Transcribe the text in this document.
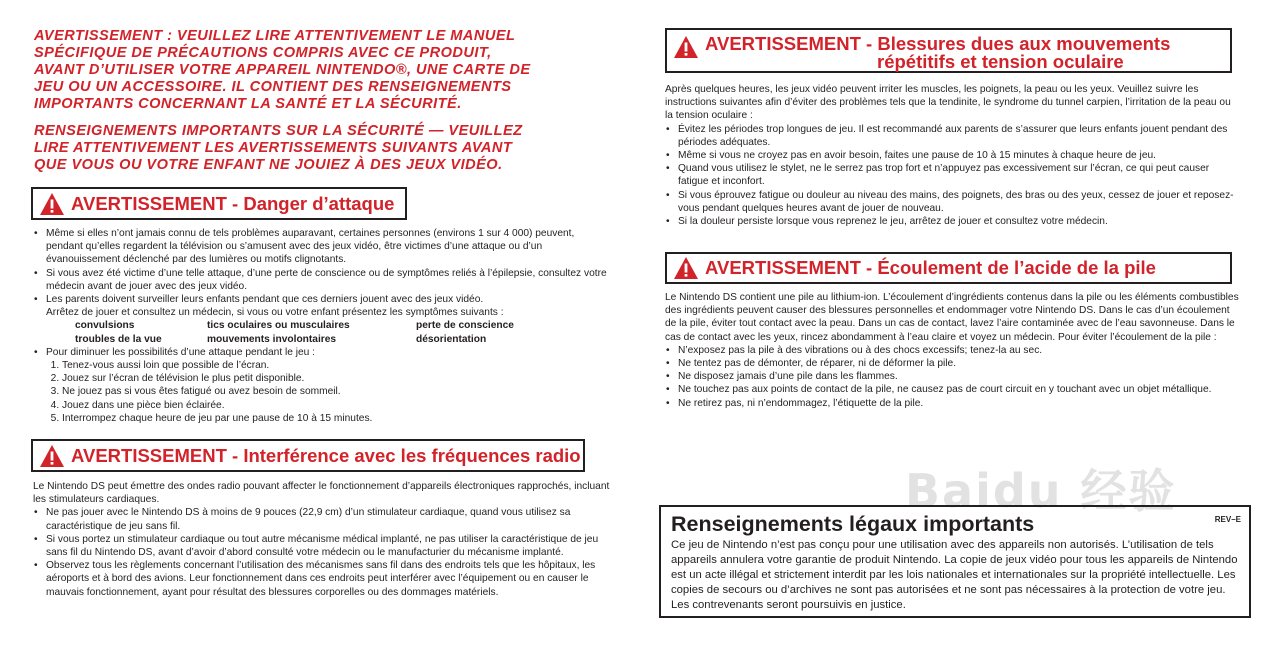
AVERTISSEMENT : VEUILLEZ LIRE ATTENTIVEMENT LE MANUEL
SPÉCIFIQUE DE PRÉCAUTIONS COMPRIS AVEC CE PRODUIT,
AVANT D’UTILISER VOTRE APPAREIL NINTENDO®, UNE CARTE DE
JEU OU UN ACCESSOIRE. IL CONTIENT DES RENSEIGNEMENTS
IMPORTANTS CONCERNANT LA SANTÉ ET LA SÉCURITÉ.

RENSEIGNEMENTS IMPORTANTS SUR LA SÉCURITÉ — VEUILLEZ
LIRE ATTENTIVEMENT LES AVERTISSEMENTS SUIVANTS AVANT
QUE VOUS OU VOTRE ENFANT NE JOUIEZ À DES JEUX VIDÉO.

AVERTISSEMENT - Danger d’attaque
• Même si elles n’ont jamais connu de tels problèmes auparavant, certaines personnes (environs 1 sur 4 000) peuvent, pendant qu’elles regardent la télévision ou s’amusent avec des jeux vidéo, être victimes d’une attaque ou d’un évanouissement déclenché par des lumières ou motifs clignotants.
• Si vous avez été victime d’une telle attaque, d’une perte de conscience ou de symptômes reliés à l’épilepsie, consultez votre médecin avant de jouer avec des jeux vidéo.
• Les parents doivent surveiller leurs enfants pendant que ces derniers jouent avec des jeux vidéo.
Arrêtez de jouer et consultez un médecin, si vous ou votre enfant présentez les symptômes suivants :
convulsions	tics oculaires ou musculaires	perte de conscience
troubles de la vue	mouvements involontaires	désorientation
• Pour diminuer les possibilités d’une attaque pendant le jeu :
1. Tenez-vous aussi loin que possible de l’écran.
2. Jouez sur l’écran de télévision le plus petit disponible.
3. Ne jouez pas si vous êtes fatigué ou avez besoin de sommeil.
4. Jouez dans une pièce bien éclairée.
5. Interrompez chaque heure de jeu par une pause de 10 à 15 minutes.
AVERTISSEMENT - Interférence avec les fréquences radio

Le Nintendo DS peut émettre des ondes radio pouvant affecter le fonctionnement d’appareils électroniques rapprochés, incluant les stimulateurs cardiaques.

• Ne pas jouer avec le Nintendo DS à moins de 9 pouces (22,9 cm) d’un stimulateur cardiaque, quand vous utilisez sa caractéristique de jeu sans fil.
• Si vous portez un stimulateur cardiaque ou tout autre mécanisme médical implanté, ne pas utiliser la caractéristique de jeu sans fil du Nintendo DS, avant d’avoir d’abord consulté votre médecin ou le manufacturier du mécanisme implanté.
• Observez tous les règlements concernant l’utilisation des mécanismes sans fil dans des endroits tels que les hôpitaux, les aéroports et à bord des avions. Leur fonctionnement dans ces endroits peut interférer avec l’équipement ou en causer le mauvais fonctionnement, ayant pour résultat des blessures corporelles ou des dommages matériels.
AVERTISSEMENT - Blessures dues aux mouvements
répétitifs et tension oculaire

Après quelques heures, les jeux vidéo peuvent irriter les muscles, les poignets, la peau ou les yeux. Veuillez suivre les instructions suivantes afin d’éviter des problèmes tels que la tendinite, le syndrome du tunnel carpien, l’irritation de la peau ou la tension oculaire :

• Évitez les périodes trop longues de jeu. Il est recommandé aux parents de s’assurer que leurs enfants jouent pendant des périodes adéquates.
• Même si vous ne croyez pas en avoir besoin, faites une pause de 10 à 15 minutes à chaque heure de jeu.
• Quand vous utilisez le stylet, ne le serrez pas trop fort et n’appuyez pas excessivement sur l’écran, ce qui peut causer fatigue et inconfort.
• Si vous éprouvez fatigue ou douleur au niveau des mains, des poignets, des bras ou des yeux, cessez de jouer et reposez-vous pendant quelques heures avant de jouer de nouveau.
• Si la douleur persiste lorsque vous reprenez le jeu, arrêtez de jouer et consultez votre médecin.
AVERTISSEMENT - Écoulement de l’acide de la pile

Le Nintendo DS contient une pile au lithium-ion. L’écoulement d’ingrédients contenus dans la pile ou les éléments combustibles des ingrédients peuvent causer des blessures personnelles et endommager votre Nintendo DS. Dans le cas d’un écoulement de la pile, éviter tout contact avec la peau. Dans un cas de contact, lavez l’aire contaminée avec de l’eau savonneuse. Dans le cas de contact avec les yeux, rincez abondamment à l’eau claire et voyez un médecin. Pour éviter l’écoulement de la pile :

• N’exposez pas la pile à des vibrations ou à des chocs excessifs; tenez-la au sec.
• Ne tentez pas de démonter, de réparer, ni de déformer la pile.
• Ne disposez jamais d’une pile dans les flammes.
• Ne touchez pas aux points de contact de la pile, ne causez pas de court circuit en y touchant avec un objet métallique.
• Ne retirez pas, ni n’endommagez, l’étiquette de la pile.
Baidu 经验
Renseignements légaux importants	REV–E
Ce jeu de Nintendo n’est pas conçu pour une utilisation avec des appareils non autorisés. L’utilisation de tels appareils annulera votre garantie de produit Nintendo. La copie de jeux vidéo pour tous les appareils de Nintendo est un acte illégal et strictement interdit par les lois nationales et internationales sur la propriété intellectuelle. Les copies de secours ou d’archives ne sont pas autorisées et ne sont pas nécessaires à la protection de votre jeu. Les contrevenants seront poursuivis en justice.
